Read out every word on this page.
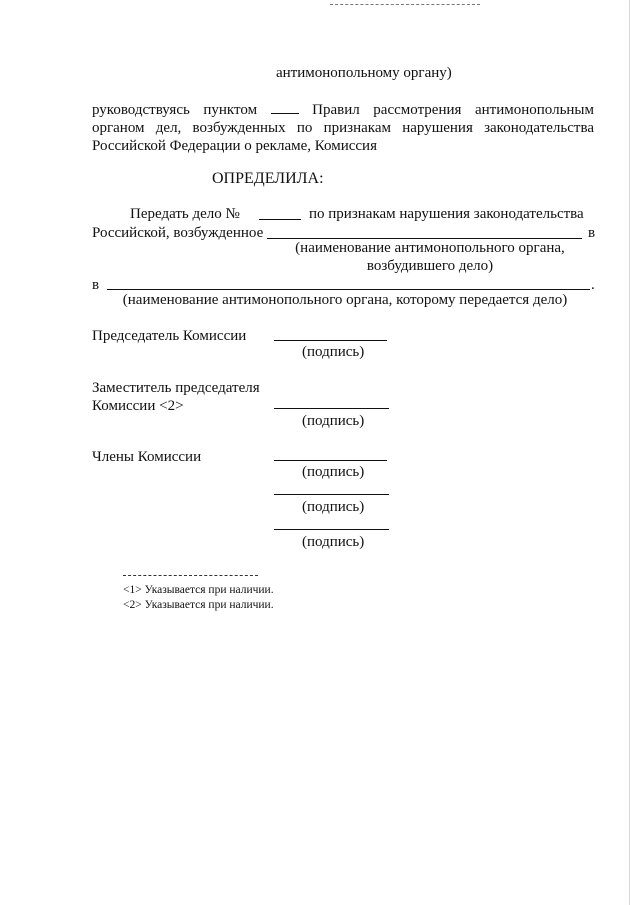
антимонопольному органу)
руководствуясь пунктом	Правил рассмотрения антимонопольным
органом дел, возбужденных по признакам нарушения законодательства
Российской Федерации о рекламе, Комиссия
ОПРЕДЕЛИЛА:
Передать дело №	по признакам нарушения законодательства
Российской, возбужденное	в
(наименование антимонопольного органа,
возбудившего дело)
в	.
(наименование антимонопольного органа, которому передается дело)
Председатель Комиссии
(подпись)
Заместитель председателя
Комиссии <2>
(подпись)
Члены Комиссии
(подпись)
(подпись)
(подпись)
<1> Указывается при наличии.
<2> Указывается при наличии.
